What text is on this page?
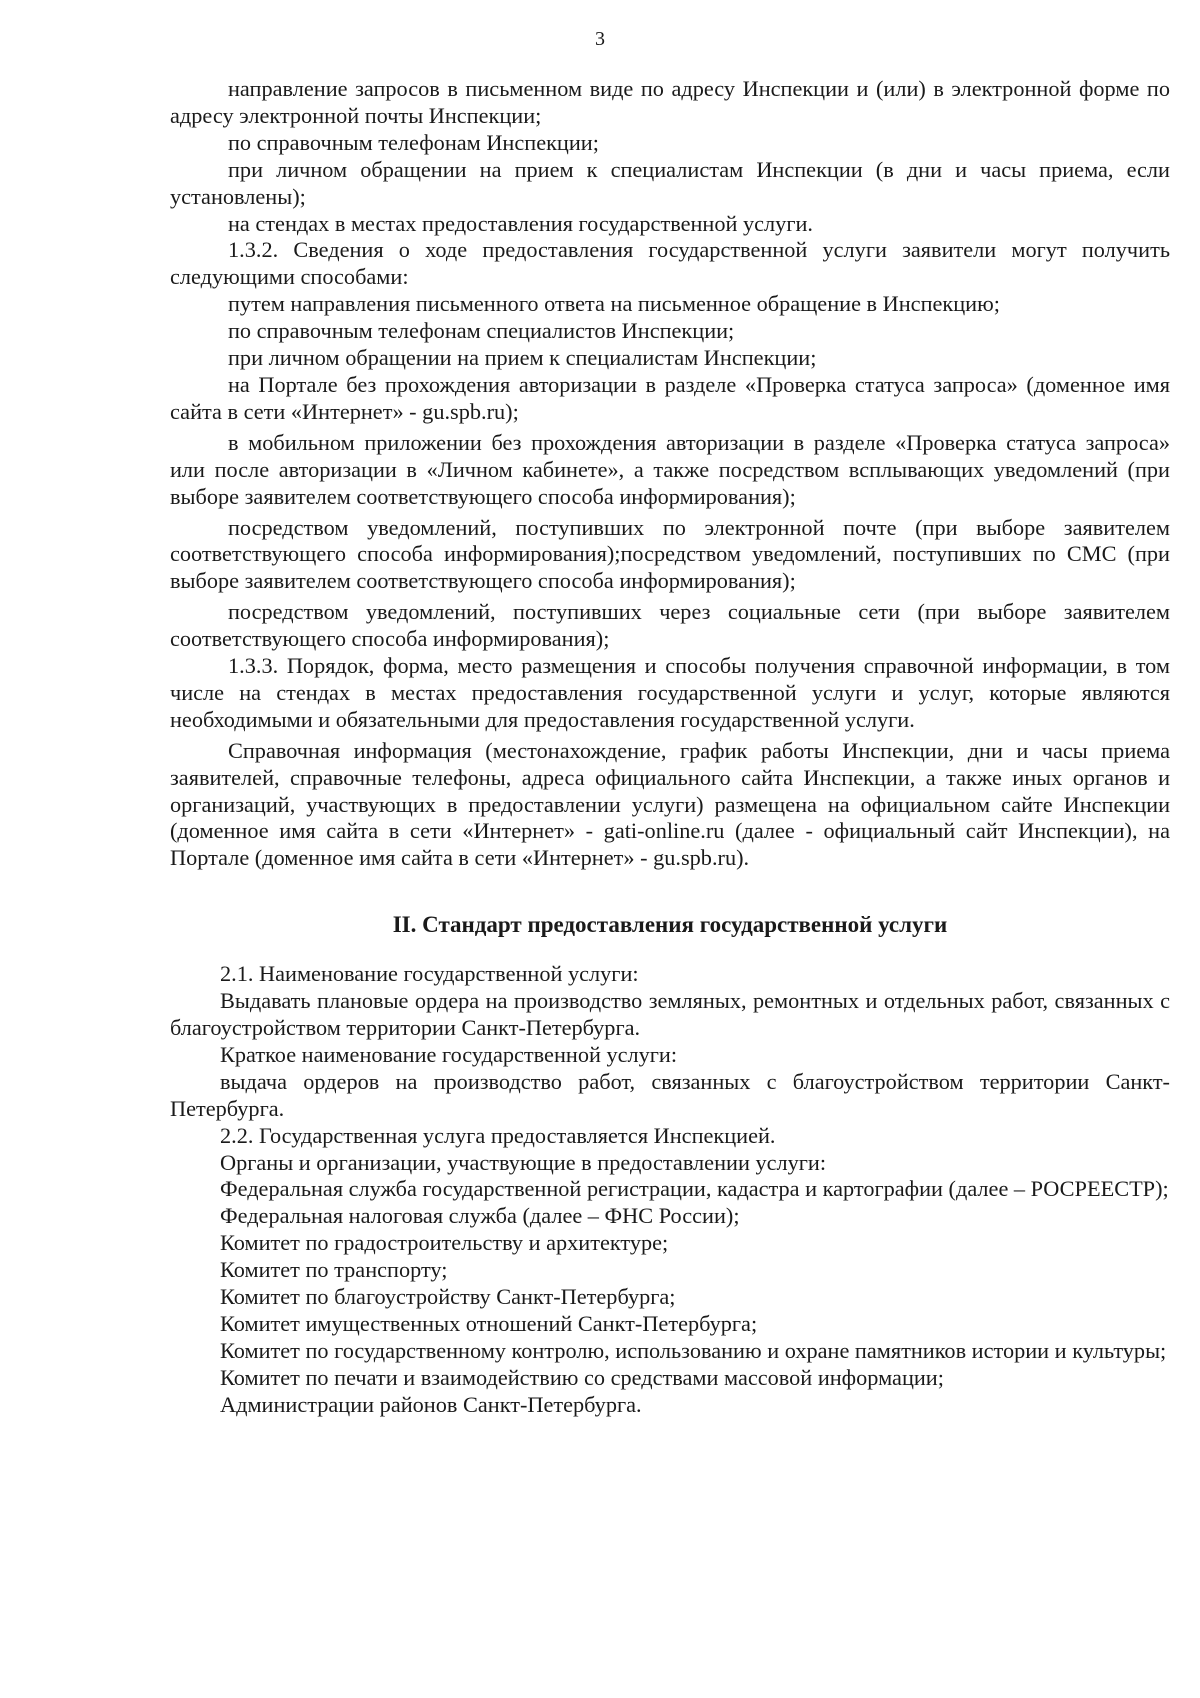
3

направление запросов в письменном виде по адресу Инспекции и (или) в электронной форме по адресу электронной почты Инспекции;

по справочным телефонам Инспекции;

при личном обращении на прием к специалистам Инспекции (в дни и часы приема, если установлены);

на стендах в местах предоставления государственной услуги.

1.3.2. Сведения о ходе предоставления государственной услуги заявители могут получить следующими способами:

путем направления письменного ответа на письменное обращение в Инспекцию;

по справочным телефонам специалистов Инспекции;

при личном обращении на прием к специалистам Инспекции;

на Портале без прохождения авторизации в разделе «Проверка статуса запроса» (доменное имя сайта в сети «Интернет» - gu.spb.ru);

в мобильном приложении без прохождения авторизации в разделе «Проверка статуса запроса» или после авторизации в «Личном кабинете», а также посредством всплывающих уведомлений (при выборе заявителем соответствующего способа информирования);

посредством уведомлений, поступивших по электронной почте (при выборе заявителем соответствующего способа информирования);посредством уведомлений, поступивших по СМС (при выборе заявителем соответствующего способа информирования);

посредством уведомлений, поступивших через социальные сети (при выборе заявителем соответствующего способа информирования);

1.3.3. Порядок, форма, место размещения и способы получения справочной информации, в том числе на стендах в местах предоставления государственной услуги и услуг, которые являются необходимыми и обязательными для предоставления государственной услуги.

Справочная информация (местонахождение, график работы Инспекции, дни и часы приема заявителей, справочные телефоны, адреса официального сайта Инспекции, а также иных органов и организаций, участвующих в предоставлении услуги) размещена на официальном сайте Инспекции (доменное имя сайта в сети «Интернет» - gati-online.ru (далее - официальный сайт Инспекции), на Портале (доменное имя сайта в сети «Интернет» - gu.spb.ru).

II. Стандарт предоставления государственной услуги

2.1. Наименование государственной услуги:

Выдавать плановые ордера на производство земляных, ремонтных и отдельных работ, связанных с благоустройством территории Санкт-Петербурга.

Краткое наименование государственной услуги:

выдача ордеров на производство работ, связанных с благоустройством территории Санкт-Петербурга.

2.2. Государственная услуга предоставляется Инспекцией.

Органы и организации, участвующие в предоставлении услуги:

Федеральная служба государственной регистрации, кадастра и картографии (далее – РОСРЕЕСТР);

Федеральная налоговая служба (далее – ФНС России);

Комитет по градостроительству и архитектуре;

Комитет по транспорту;

Комитет по благоустройству Санкт-Петербурга;

Комитет имущественных отношений Санкт-Петербурга;

Комитет по государственному контролю, использованию и охране памятников истории и культуры;

Комитет по печати и взаимодействию со средствами массовой информации;

Администрации районов Санкт-Петербурга.
